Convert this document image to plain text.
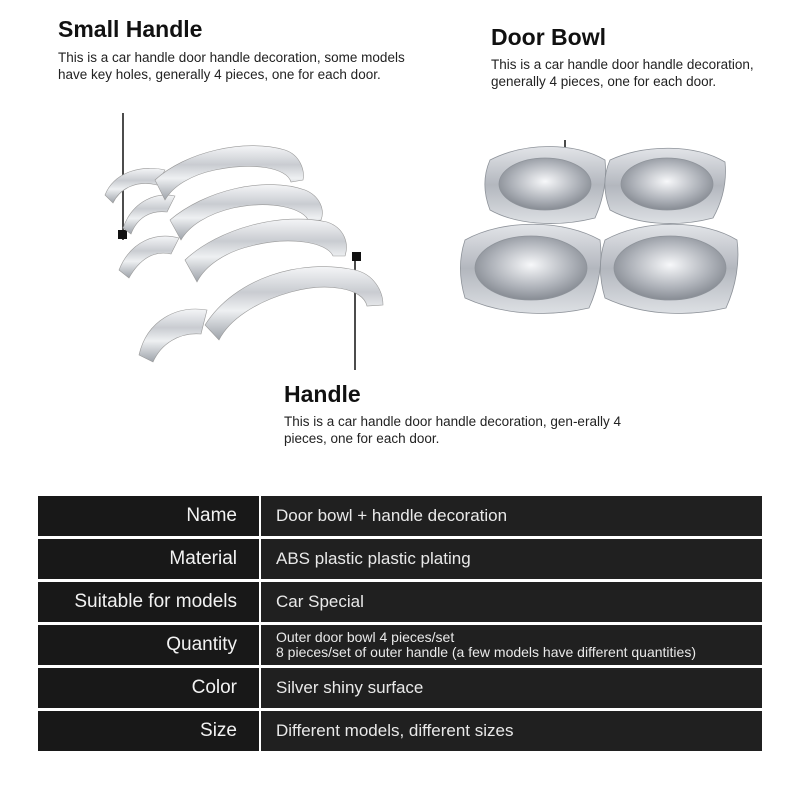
Small Handle

This is a car handle door handle decoration, some models have key holes, generally 4 pieces, one for each door.

Door Bowl

This is a car handle door handle decoration, generally 4 pieces, one for each door.

Handle

This is a car handle door handle decoration, gen-erally 4 pieces, one for each door.

Name	Door bowl + handle decoration
Material	ABS plastic plastic plating
Suitable for models	Car Special
Quantity	Outer door bowl 4 pieces/set
8 pieces/set of outer handle (a few models have different quantities)

Color	Silver shiny surface
Size	Different models, different sizes
